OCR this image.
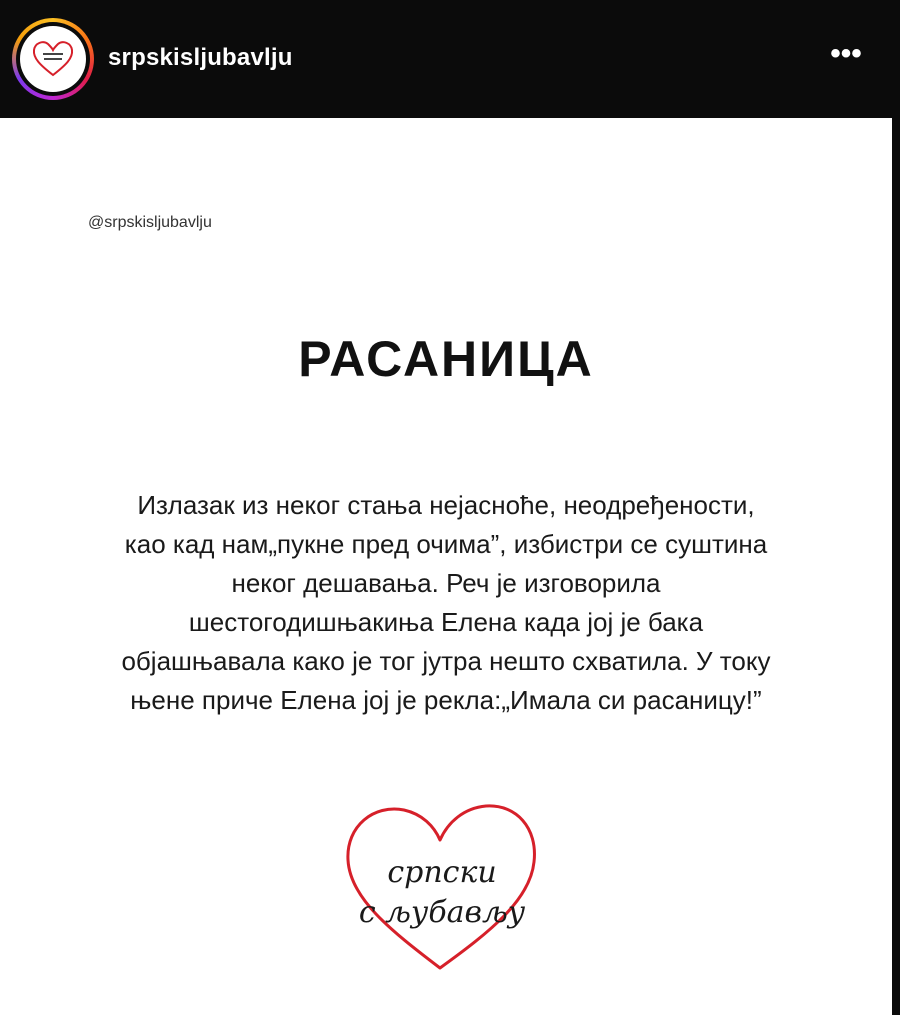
srpskisljubavlju	•••
@srpskisljubavlju
РАСАНИЦА
Излазак из неког стања нејасноће, неодређености,
као кад нам„пукне пред очима”, избистри се суштина
неког дешавања. Реч је изговорила
шестогодишњакиња Елена када јој је бака
објашњавала како је тог јутра нешто схватила. У току
њене приче Елена јој је рекла:„Имала си расаницу!”
српски
с љубављу
